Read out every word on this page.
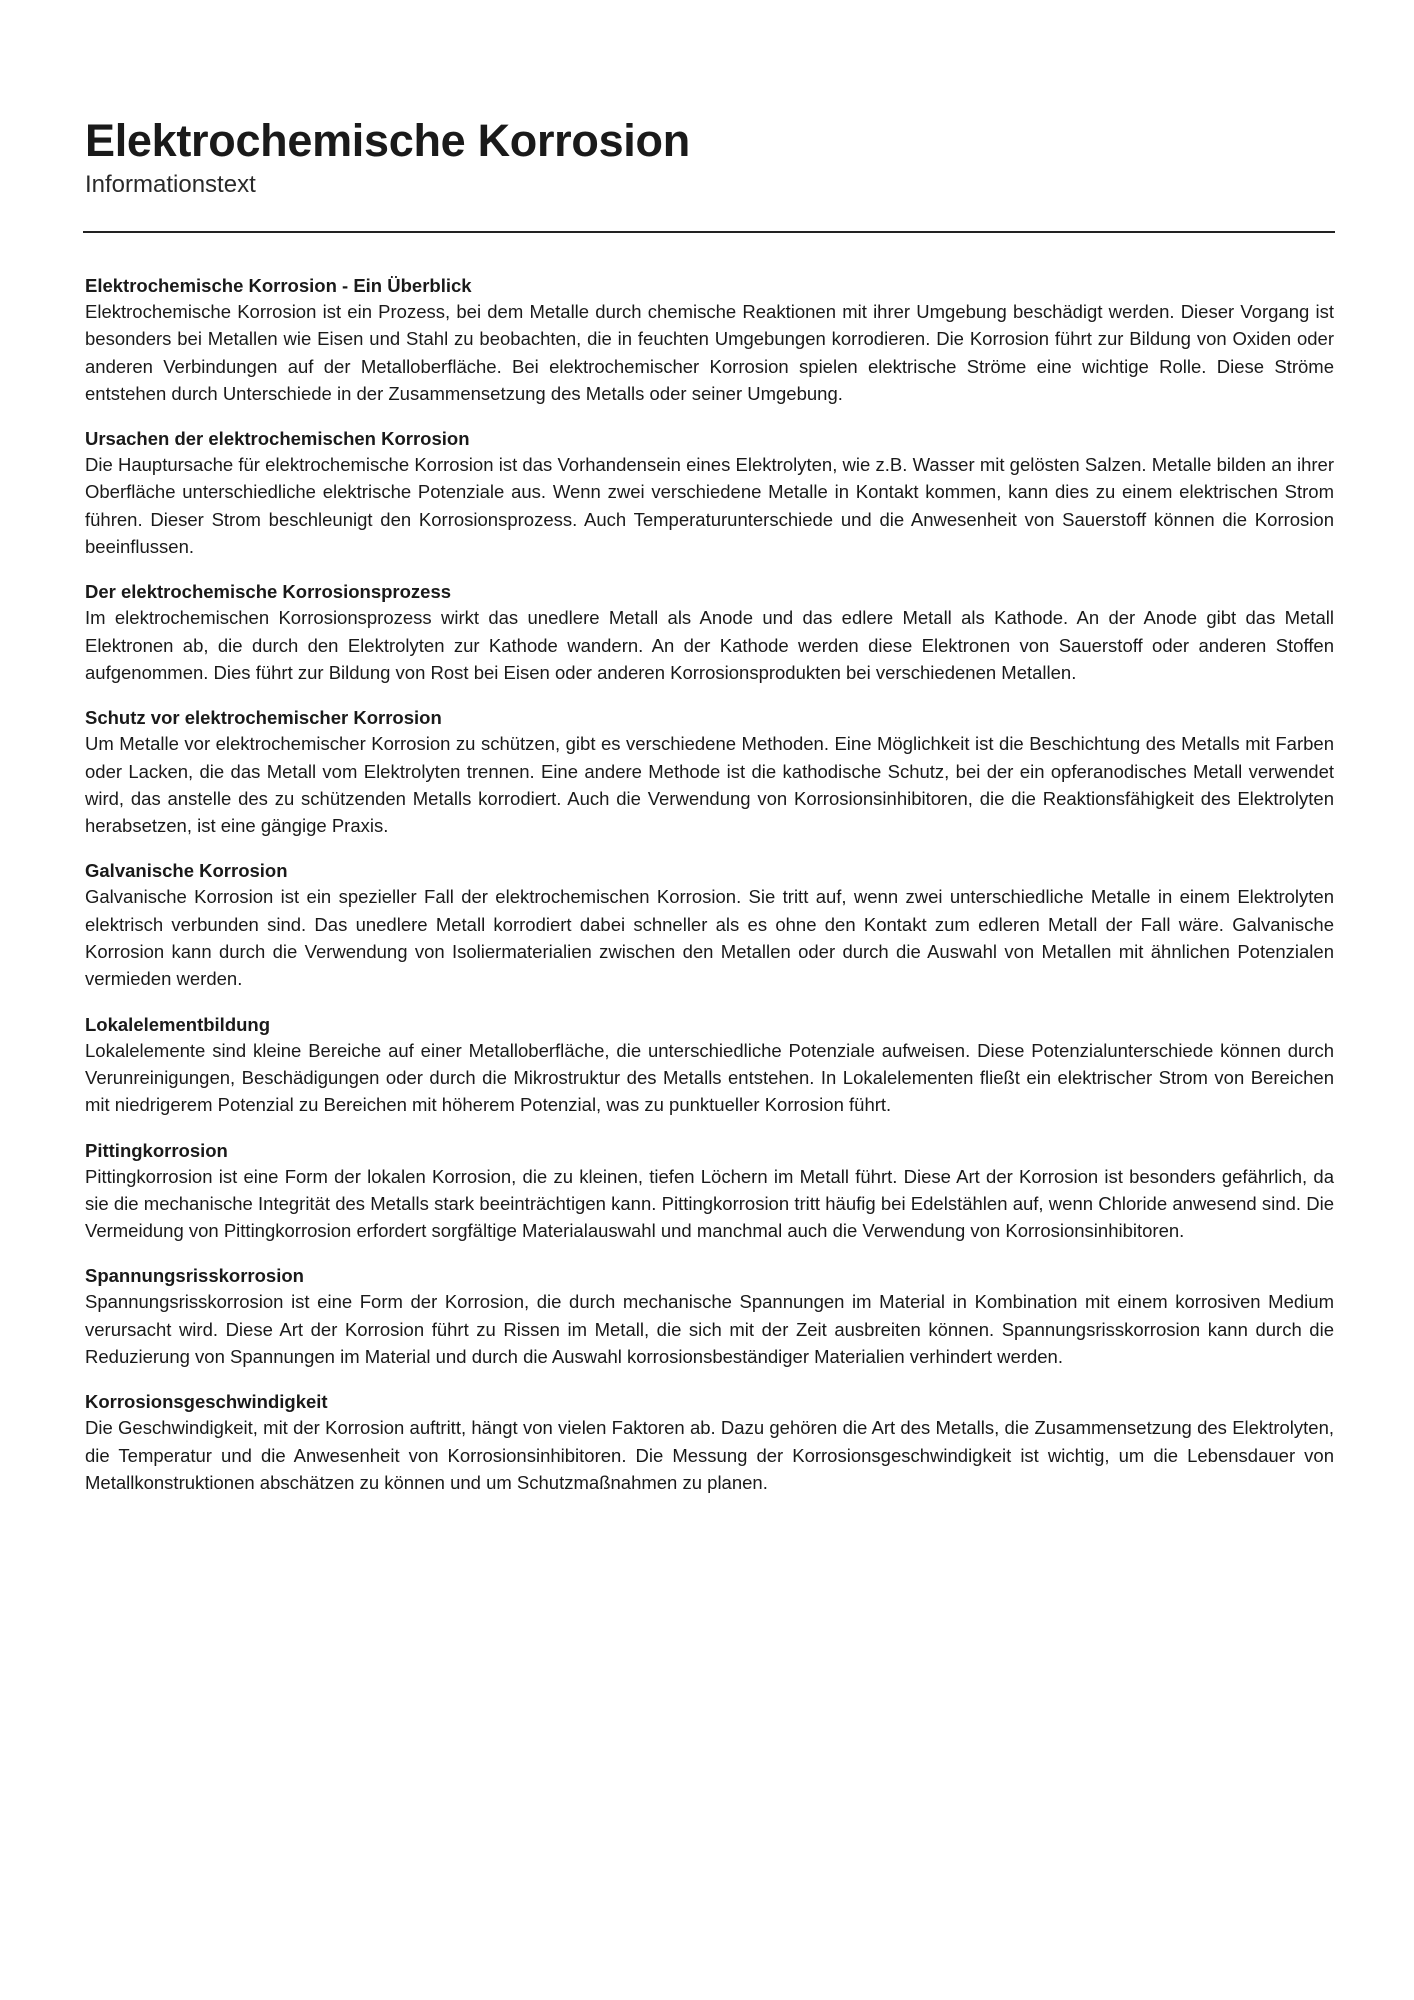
Elektrochemische Korrosion
Informationstext
Elektrochemische Korrosion - Ein Überblick

Elektrochemische Korrosion ist ein Prozess, bei dem Metalle durch chemische Reaktionen mit ihrer Umgebung beschädigt werden. Dieser Vorgang ist besonders bei Metallen wie Eisen und Stahl zu beobachten, die in feuchten Umgebungen korrodieren. Die Korrosion führt zur Bildung von Oxiden oder anderen Verbindungen auf der Metalloberfläche. Bei elektrochemischer Korrosion spielen elektrische Ströme eine wichtige Rolle. Diese Ströme entstehen durch Unterschiede in der Zusammensetzung des Metalls oder seiner Umgebung.

Ursachen der elektrochemischen Korrosion

Die Hauptursache für elektrochemische Korrosion ist das Vorhandensein eines Elektrolyten, wie z.B. Wasser mit gelösten Salzen. Metalle bilden an ihrer Oberfläche unterschiedliche elektrische Potenziale aus. Wenn zwei verschiedene Metalle in Kontakt kommen, kann dies zu einem elektrischen Strom führen. Dieser Strom beschleunigt den Korrosionsprozess. Auch Temperaturunterschiede und die Anwesenheit von Sauerstoff können die Korrosion beeinflussen.

Der elektrochemische Korrosionsprozess

Im elektrochemischen Korrosionsprozess wirkt das unedlere Metall als Anode und das edlere Metall als Kathode. An der Anode gibt das Metall Elektronen ab, die durch den Elektrolyten zur Kathode wandern. An der Kathode werden diese Elektronen von Sauerstoff oder anderen Stoffen aufgenommen. Dies führt zur Bildung von Rost bei Eisen oder anderen Korrosionsprodukten bei verschiedenen Metallen.

Schutz vor elektrochemischer Korrosion

Um Metalle vor elektrochemischer Korrosion zu schützen, gibt es verschiedene Methoden. Eine Möglichkeit ist die Beschichtung des Metalls mit Farben oder Lacken, die das Metall vom Elektrolyten trennen. Eine andere Methode ist die kathodische Schutz, bei der ein opferanodisches Metall verwendet wird, das anstelle des zu schützenden Metalls korrodiert. Auch die Verwendung von Korrosionsinhibitoren, die die Reaktionsfähigkeit des Elektrolyten herabsetzen, ist eine gängige Praxis.

Galvanische Korrosion

Galvanische Korrosion ist ein spezieller Fall der elektrochemischen Korrosion. Sie tritt auf, wenn zwei unterschiedliche Metalle in einem Elektrolyten elektrisch verbunden sind. Das unedlere Metall korrodiert dabei schneller als es ohne den Kontakt zum edleren Metall der Fall wäre. Galvanische Korrosion kann durch die Verwendung von Isoliermaterialien zwischen den Metallen oder durch die Auswahl von Metallen mit ähnlichen Potenzialen vermieden werden.

Lokalelementbildung

Lokalelemente sind kleine Bereiche auf einer Metalloberfläche, die unterschiedliche Potenziale aufweisen. Diese Potenzialunterschiede können durch Verunreinigungen, Beschädigungen oder durch die Mikrostruktur des Metalls entstehen. In Lokalelementen fließt ein elektrischer Strom von Bereichen mit niedrigerem Potenzial zu Bereichen mit höherem Potenzial, was zu punktueller Korrosion führt.

Pittingkorrosion

Pittingkorrosion ist eine Form der lokalen Korrosion, die zu kleinen, tiefen Löchern im Metall führt. Diese Art der Korrosion ist besonders gefährlich, da sie die mechanische Integrität des Metalls stark beeinträchtigen kann. Pittingkorrosion tritt häufig bei Edelstählen auf, wenn Chloride anwesend sind. Die Vermeidung von Pittingkorrosion erfordert sorgfältige Materialauswahl und manchmal auch die Verwendung von Korrosionsinhibitoren.

Spannungsrisskorrosion

Spannungsrisskorrosion ist eine Form der Korrosion, die durch mechanische Spannungen im Material in Kombination mit einem korrosiven Medium verursacht wird. Diese Art der Korrosion führt zu Rissen im Metall, die sich mit der Zeit ausbreiten können. Spannungsrisskorrosion kann durch die Reduzierung von Spannungen im Material und durch die Auswahl korrosionsbeständiger Materialien verhindert werden.

Korrosionsgeschwindigkeit

Die Geschwindigkeit, mit der Korrosion auftritt, hängt von vielen Faktoren ab. Dazu gehören die Art des Metalls, die Zusammensetzung des Elektrolyten, die Temperatur und die Anwesenheit von Korrosionsinhibitoren. Die Messung der Korrosionsgeschwindigkeit ist wichtig, um die Lebensdauer von Metallkonstruktionen abschätzen zu können und um Schutzmaßnahmen zu planen.
